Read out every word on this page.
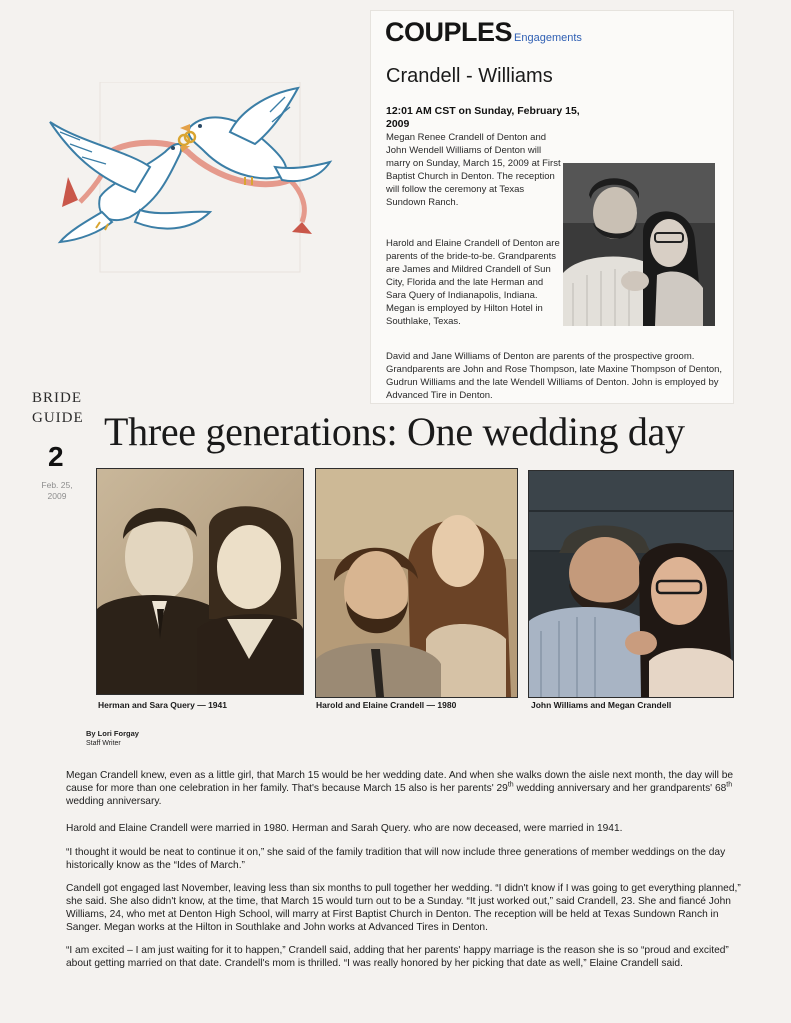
COUPLES Engagements
Crandell - Williams
12:01 AM CST on Sunday, February 15, 2009
Megan Renee Crandell of Denton and John Wendell Williams of Denton will marry on Sunday, March 15, 2009 at First Baptist Church in Denton. The reception will follow the ceremony at Texas Sundown Ranch.
Harold and Elaine Crandell of Denton are parents of the bride-to-be. Grandparents are James and Mildred Crandell of Sun City, Florida and the late Herman and Sara Query of Indianapolis, Indiana. Megan is employed by Hilton Hotel in Southlake, Texas.
David and Jane Williams of Denton are parents of the prospective groom. Grandparents are John and Rose Thompson, late Maxine Thompson of Denton, Gudrun Williams and the late Wendell Williams of Denton. John is employed by Advanced Tire in Denton.
BRIDE
GUIDE
2
Feb. 25, 2009
Three generations: One wedding day
Herman and Sara Query — 1941	Harold and Elaine Crandell — 1980	John Williams and Megan Crandell
By Lori Forgay
Staff Writer
Megan Crandell knew, even as a little girl, that March 15 would be her wedding date. And when she walks down the aisle next month, the day will be cause for more than one celebration in her family. That's because March 15 also is her parents' 29th wedding anniversary and her grandparents' 68th wedding anniversary.
Harold and Elaine Crandell were married in 1980. Herman and Sarah Query. who are now deceased, were married in 1941.
“I thought it would be neat to continue it on,” she said of the family tradition that will now include three generations of member weddings on the day historically know as the “Ides of March.”
Candell got engaged last November, leaving less than six months to pull together her wedding. “I didn't know if I was going to get everything planned,” she said. She also didn't know, at the time, that March 15 would turn out to be a Sunday. “It just worked out,” said Crandell, 23. She and fiancé John Williams, 24, who met at Denton High School, will marry at First Baptist Church in Denton. The reception will be held at Texas Sundown Ranch in Sanger. Megan works at the Hilton in Southlake and John works at Advanced Tires in Denton.
“I am excited – I am just waiting for it to happen,” Crandell said, adding that her parents' happy marriage is the reason she is so “proud and excited” about getting married on that date. Crandell's mom is thrilled. “I was really honored by her picking that date as well,” Elaine Crandell said.
